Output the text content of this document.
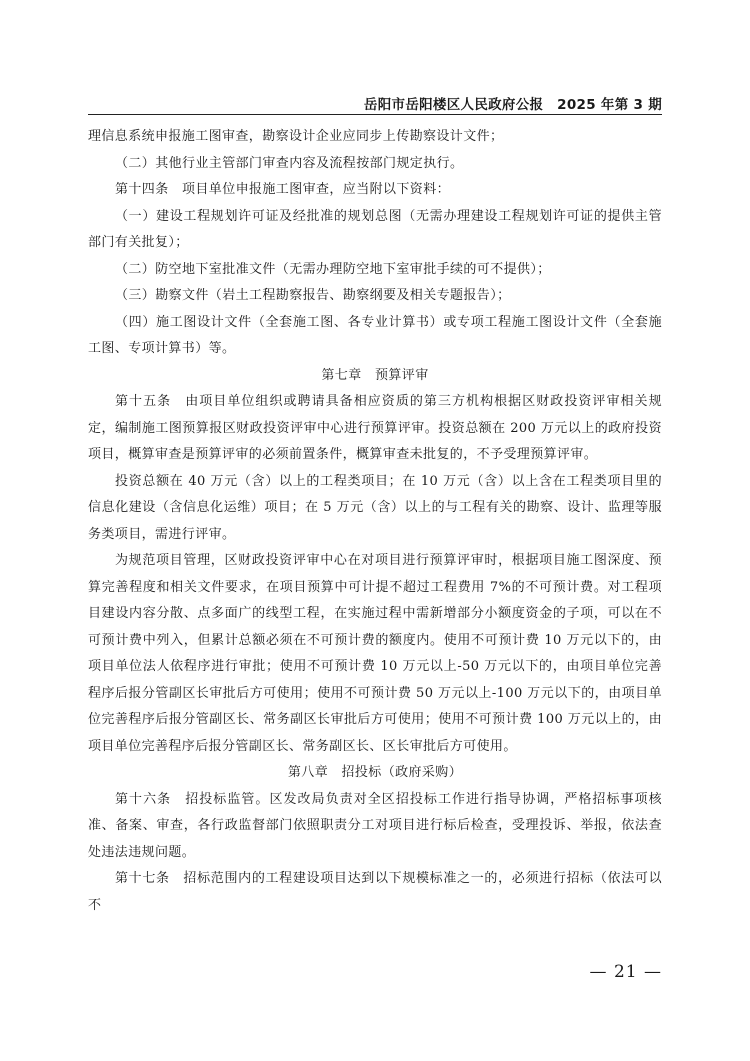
岳阳市岳阳楼区人民政府公报　2025 年第 3 期

理信息系统申报施工图审查，勘察设计企业应同步上传勘察设计文件；

（二）其他行业主管部门审查内容及流程按部门规定执行。

第十四条　项目单位申报施工图审查，应当附以下资料：

（一）建设工程规划许可证及经批准的规划总图（无需办理建设工程规划许可证的提供主管部门有关批复）；

（二）防空地下室批准文件（无需办理防空地下室审批手续的可不提供）；

（三）勘察文件（岩土工程勘察报告、勘察纲要及相关专题报告）；

（四）施工图设计文件（全套施工图、各专业计算书）或专项工程施工图设计文件（全套施工图、专项计算书）等。

第七章　预算评审

第十五条　由项目单位组织或聘请具备相应资质的第三方机构根据区财政投资评审相关规定，编制施工图预算报区财政投资评审中心进行预算评审。投资总额在 200 万元以上的政府投资项目，概算审查是预算评审的必须前置条件，概算审查未批复的，不予受理预算评审。

投资总额在 40 万元（含）以上的工程类项目；在 10 万元（含）以上含在工程类项目里的信息化建设（含信息化运维）项目；在 5 万元（含）以上的与工程有关的勘察、设计、监理等服务类项目，需进行评审。

为规范项目管理，区财政投资评审中心在对项目进行预算评审时，根据项目施工图深度、预算完善程度和相关文件要求，在项目预算中可计提不超过工程费用 7%的不可预计费。对工程项目建设内容分散、点多面广的线型工程，在实施过程中需新增部分小额度资金的子项，可以在不可预计费中列入，但累计总额必须在不可预计费的额度内。使用不可预计费 10 万元以下的，由项目单位法人依程序进行审批；使用不可预计费 10 万元以上-50 万元以下的，由项目单位完善程序后报分管副区长审批后方可使用；使用不可预计费 50 万元以上-100 万元以下的，由项目单位完善程序后报分管副区长、常务副区长审批后方可使用；使用不可预计费 100 万元以上的，由项目单位完善程序后报分管副区长、常务副区长、区长审批后方可使用。

第八章　招投标（政府采购）

第十六条　招投标监管。区发改局负责对全区招投标工作进行指导协调，严格招标事项核准、备案、审查，各行政监督部门依照职责分工对项目进行标后检查，受理投诉、举报，依法查处违法违规问题。

第十七条　招标范围内的工程建设项目达到以下规模标准之一的，必须进行招标（依法可以不

— 21 —
